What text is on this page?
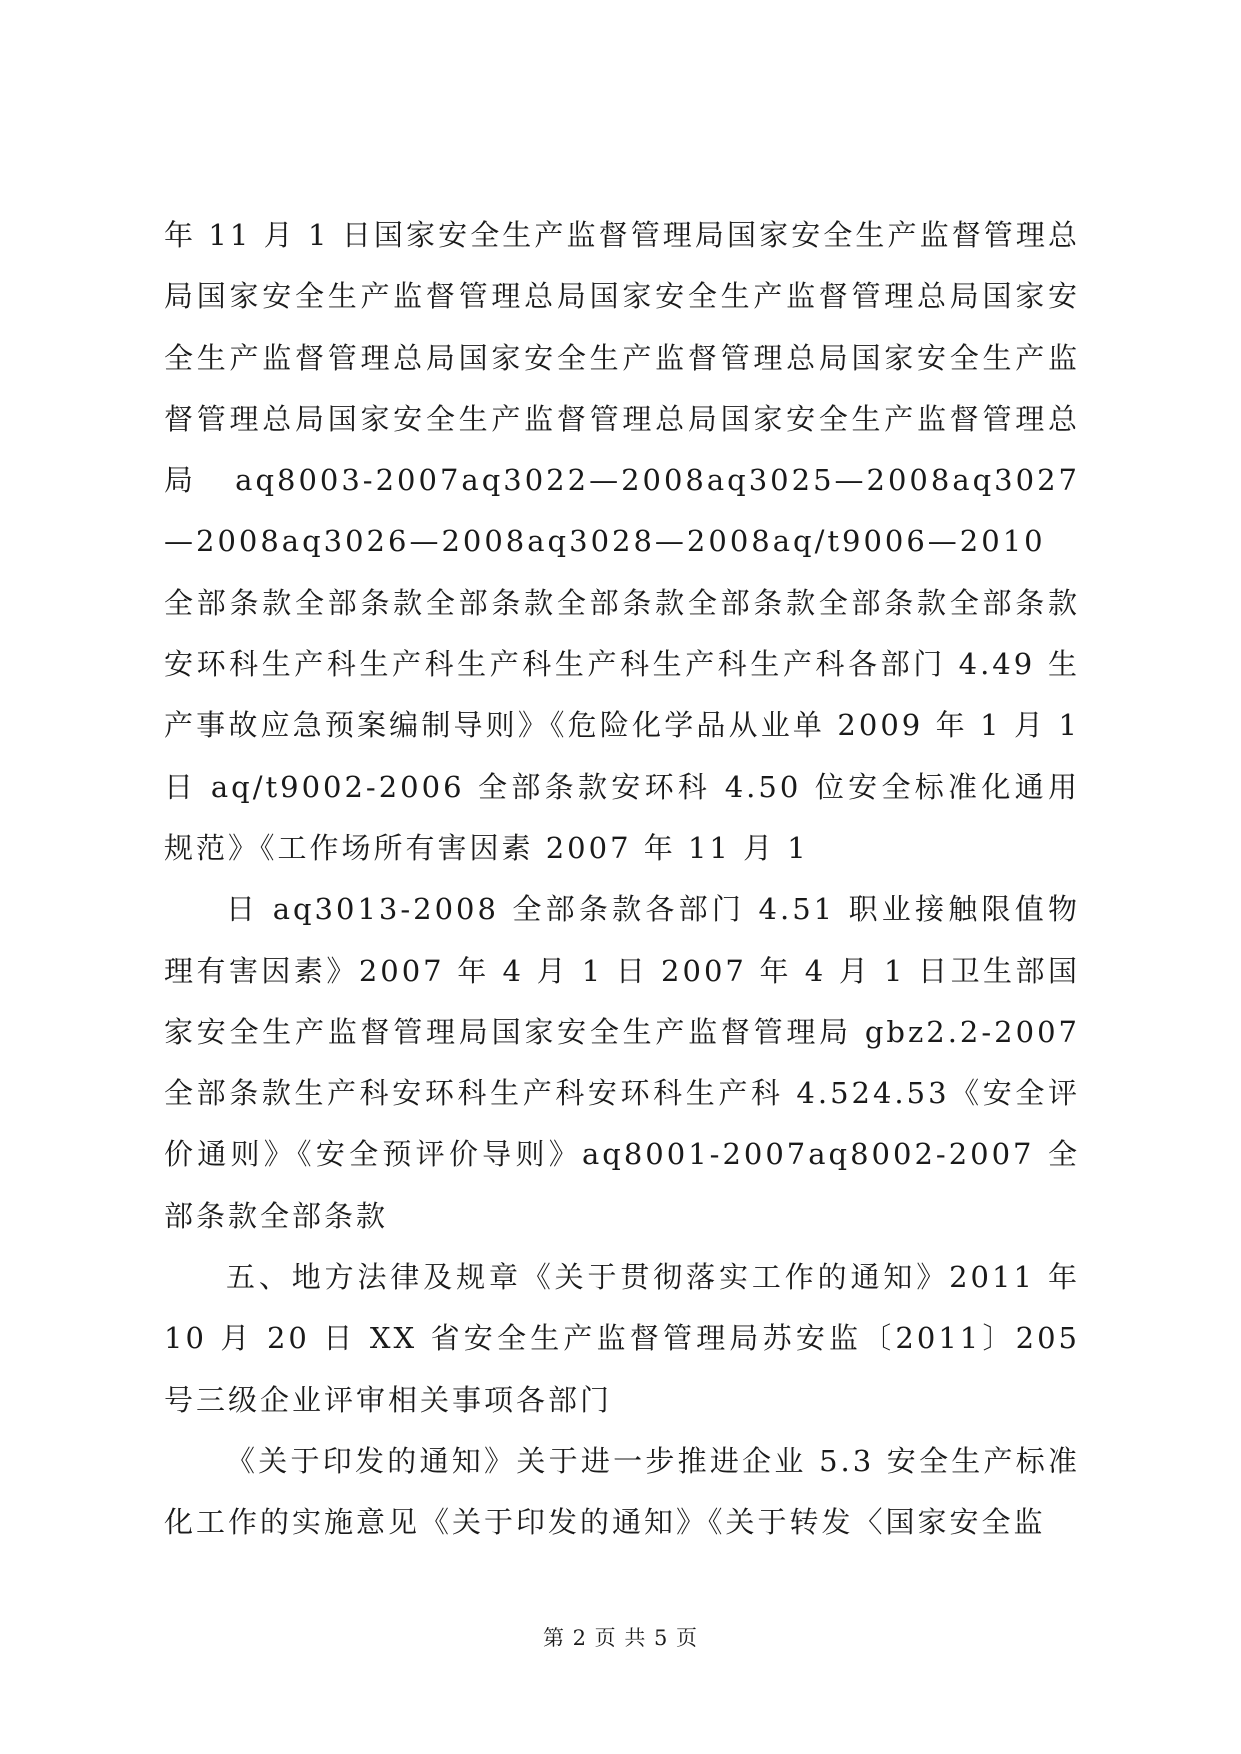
年 11 月 1 日国家安全生产监督管理局国家安全生产监督管理总局国家安全生产监督管理总局国家安全生产监督管理总局国家安全生产监督管理总局国家安全生产监督管理总局国家安全生产监督管理总局国家安全生产监督管理总局国家安全生产监督管理总局 aq8003-2007aq3022—2008aq3025—2008aq3027—2008aq3026—2008aq3028—2008aq/t9006—2010 全部条款全部条款全部条款全部条款全部条款全部条款全部条款安环科生产科生产科生产科生产科生产科生产科各部门 4.49 生产事故应急预案编制导则》《危险化学品从业单 2009 年 1 月 1 日 aq/t9002-2006 全部条款安环科 4.50 位安全标准化通用规范》《工作场所有害因素 2007 年 11 月 1

日 aq3013-2008 全部条款各部门 4.51 职业接触限值物理有害因素》2007 年 4 月 1 日 2007 年 4 月 1 日卫生部国家安全生产监督管理局国家安全生产监督管理局 gbz2.2-2007 全部条款生产科安环科生产科安环科生产科 4.524.53《安全评价通则》《安全预评价导则》aq8001-2007aq8002-2007 全部条款全部条款

五、地方法律及规章《关于贯彻落实工作的通知》2011 年 10 月 20 日 XX 省安全生产监督管理局苏安监〔2011〕205 号三级企业评审相关事项各部门

《关于印发的通知》关于进一步推进企业 5.3 安全生产标准化工作的实施意见《关于印发的通知》《关于转发〈国家安全监

第 2 页 共 5 页
